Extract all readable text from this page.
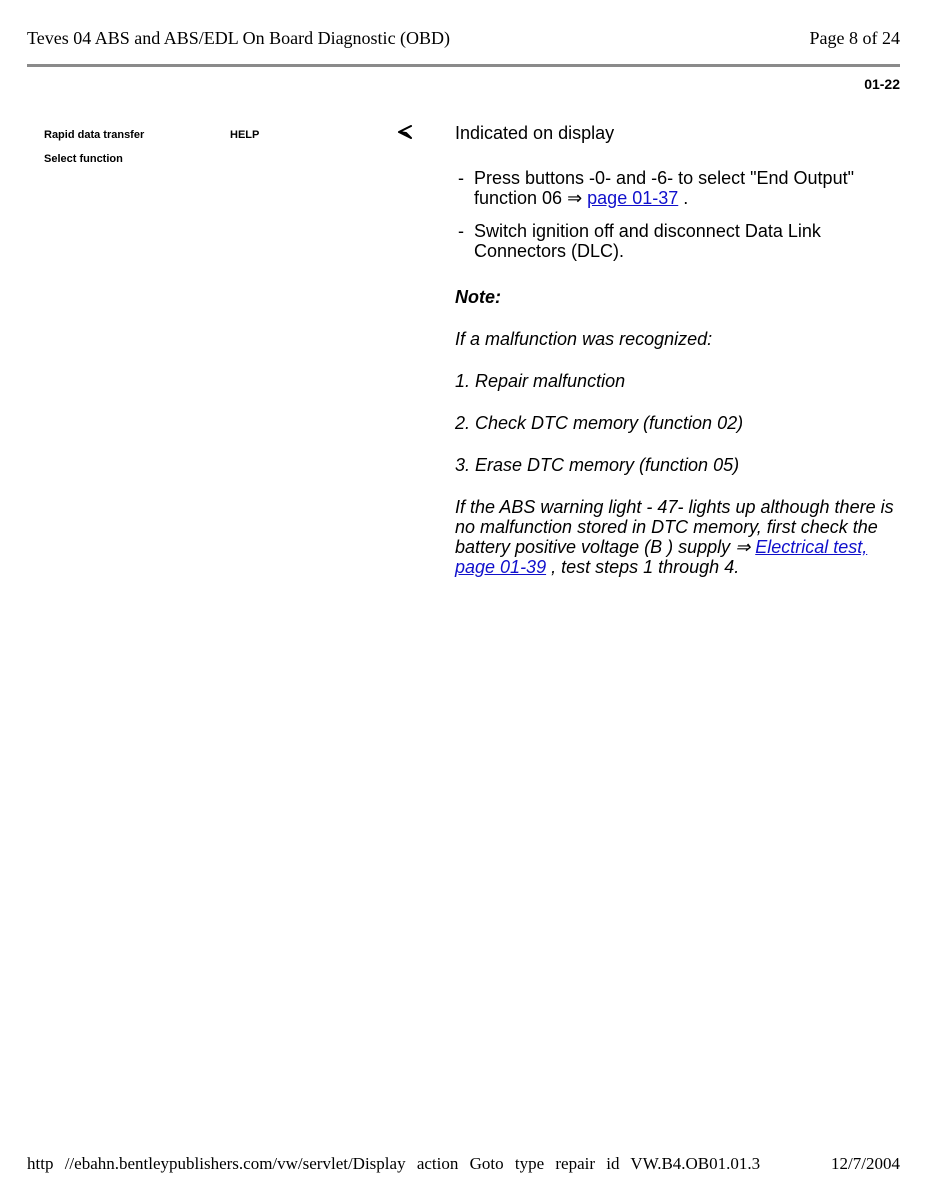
Teves 04 ABS and ABS/EDL On Board Diagnostic (OBD)	Page 8 of 24
01-22
Rapid data transfer
Select function
HELP	Indicated on display

- Press buttons -0- and -6- to select "End Output" function 06 ⇒ page 01-37 .
- Switch ignition off and disconnect Data Link Connectors (DLC).

Note:

If a malfunction was recognized:

1. Repair malfunction

2. Check DTC memory (function 02)

3. Erase DTC memory (function 05)

If the ABS warning light - 47- lights up although there is no malfunction stored in DTC memory, first check the battery positive voltage (B ) supply ⇒ Electrical test, page 01-39 , test steps 1 through 4.

http //ebahn.bentleypublishers.com/vw/servlet/Display action Goto type repair id VW.B4.OB01.01.3	12/7/2004
